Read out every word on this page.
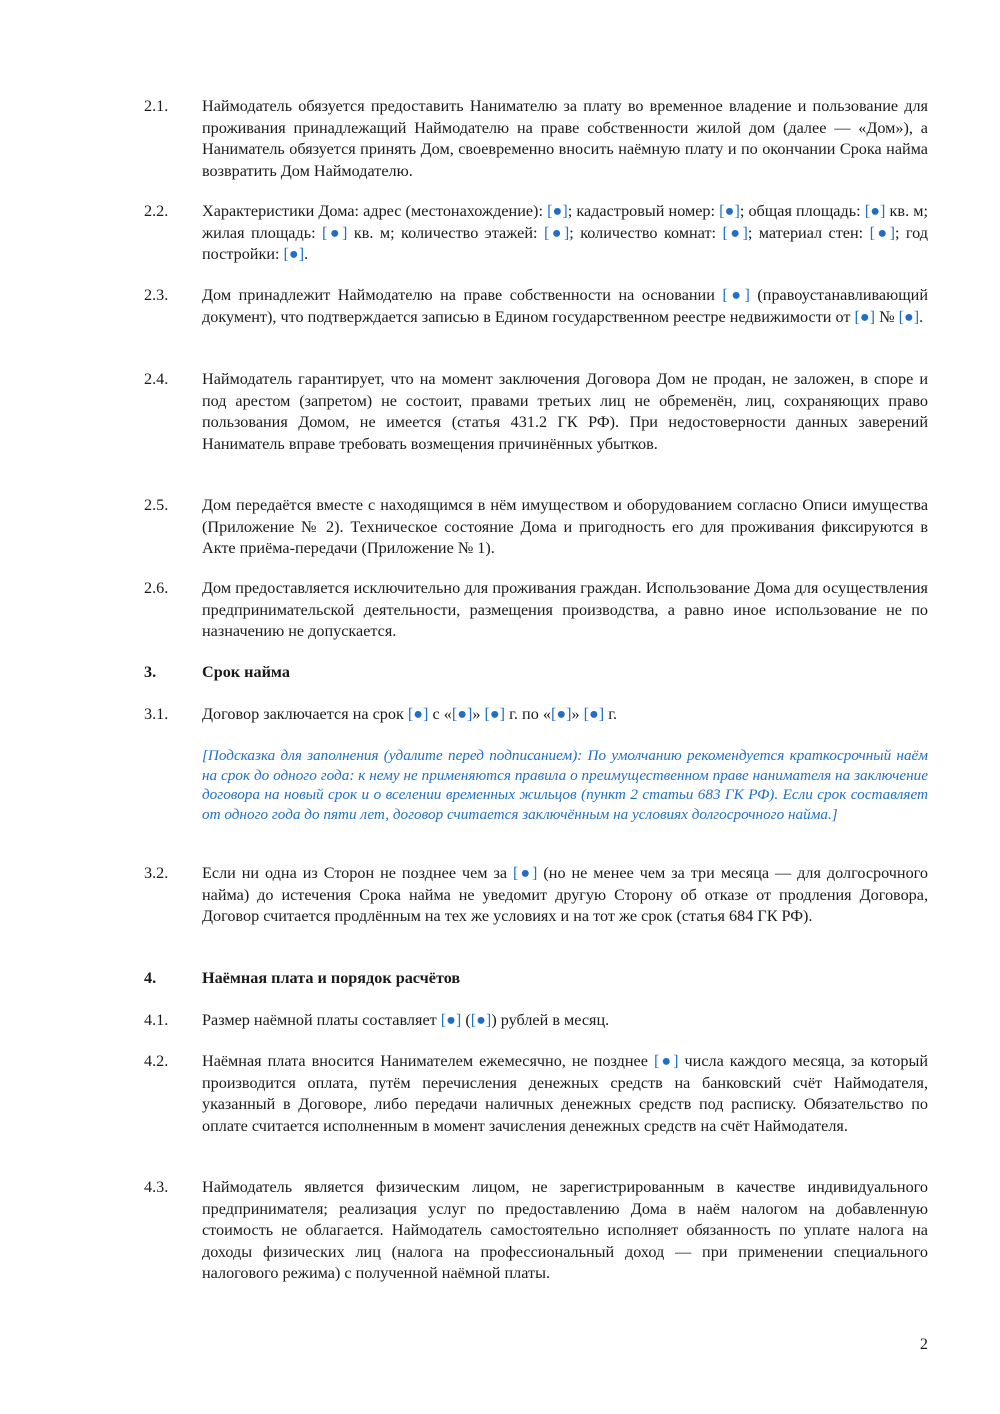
2.1.	Наймодатель обязуется предоставить Нанимателю за плату во временное владение и пользование для проживания принадлежащий Наймодателю на праве собственности жилой дом (далее — «Дом»), а Наниматель обязуется принять Дом, своевременно вносить наёмную плату и по окончании Срока найма возвратить Дом Наймодателю.
2.2.	Характеристики Дома: адрес (местонахождение): [●]; кадастровый номер: [●]; общая площадь: [●] кв. м; жилая площадь: [●] кв. м; количество этажей: [●]; количество комнат: [●]; материал стен: [●]; год постройки: [●].
2.3.	Дом принадлежит Наймодателю на праве собственности на основании [●] (правоустанавливающий документ), что подтверждается записью в Едином государственном реестре недвижимости от [●] № [●].
2.4.	Наймодатель гарантирует, что на момент заключения Договора Дом не продан, не заложен, в споре и под арестом (запретом) не состоит, правами третьих лиц не обременён, лиц, сохраняющих право пользования Домом, не имеется (статья 431.2 ГК РФ). При недостоверности данных заверений Наниматель вправе требовать возмещения причинённых убытков.
2.5.	Дом передаётся вместе с находящимся в нём имуществом и оборудованием согласно Описи имущества (Приложение № 2). Техническое состояние Дома и пригодность его для проживания фиксируются в Акте приёма-передачи (Приложение № 1).
2.6.	Дом предоставляется исключительно для проживания граждан. Использование Дома для осуществления предпринимательской деятельности, размещения производства, а равно иное использование не по назначению не допускается.
3.	Срок найма
3.1.	Договор заключается на срок [●] с «[●]» [●] г. по «[●]» [●] г.
[Подсказка для заполнения (удалите перед подписанием): По умолчанию рекомендуется краткосрочный наём на срок до одного года: к нему не применяются правила о преимущественном праве нанимателя на заключение договора на новый срок и о вселении временных жильцов (пункт 2 статьи 683 ГК РФ). Если срок составляет от одного года до пяти лет, договор считается заключённым на условиях долгосрочного найма.]
3.2.	Если ни одна из Сторон не позднее чем за [●] (но не менее чем за три месяца — для долгосрочного найма) до истечения Срока найма не уведомит другую Сторону об отказе от продления Договора, Договор считается продлённым на тех же условиях и на тот же срок (статья 684 ГК РФ).
4.	Наёмная плата и порядок расчётов
4.1.	Размер наёмной платы составляет [●] ([●]) рублей в месяц.
4.2.	Наёмная плата вносится Нанимателем ежемесячно, не позднее [●] числа каждого месяца, за который производится оплата, путём перечисления денежных средств на банковский счёт Наймодателя, указанный в Договоре, либо передачи наличных денежных средств под расписку. Обязательство по оплате считается исполненным в момент зачисления денежных средств на счёт Наймодателя.
4.3.	Наймодатель является физическим лицом, не зарегистрированным в качестве индивидуального предпринимателя; реализация услуг по предоставлению Дома в наём налогом на добавленную стоимость не облагается. Наймодатель самостоятельно исполняет обязанность по уплате налога на доходы физических лиц (налога на профессиональный доход — при применении специального налогового режима) с полученной наёмной платы.
2
